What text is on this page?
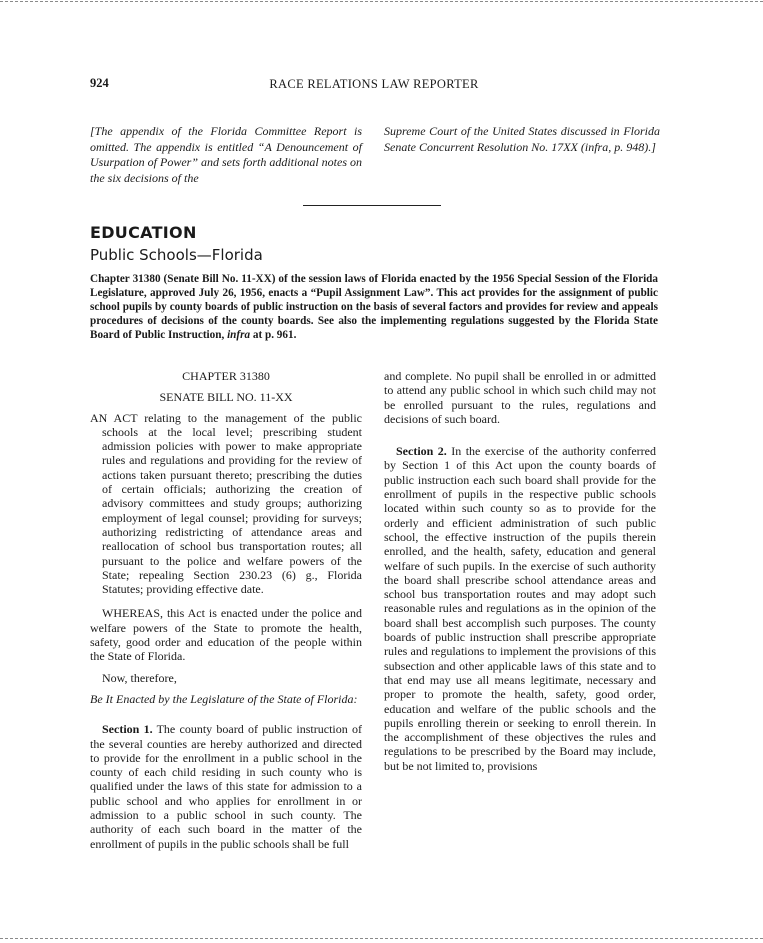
924	RACE RELATIONS LAW REPORTER
[The appendix of the Florida Committee Report is omitted. The appendix is entitled “A Denouncement of Usurpation of Power” and sets forth additional notes on the six decisions of the
Supreme Court of the United States discussed in Florida Senate Concurrent Resolution No. 17XX (infra, p. 948).]
EDUCATION
Public Schools—Florida
Chapter 31380 (Senate Bill No. 11-XX) of the session laws of Florida enacted by the 1956 Special Session of the Florida Legislature, approved July 26, 1956, enacts a “Pupil Assignment Law”. This act provides for the assignment of public school pupils by county boards of public instruction on the basis of several factors and provides for review and appeals procedures of decisions of the county boards. See also the implementing regulations suggested by the Florida State Board of Public Instruction, infra at p. 961.

CHAPTER 31380

SENATE BILL NO. 11-XX

AN ACT relating to the management of the public schools at the local level; prescribing student admission policies with power to make appropriate rules and regulations and providing for the review of actions taken pursuant thereto; prescribing the duties of certain officials; authorizing the creation of advisory committees and study groups; authorizing employment of legal counsel; providing for surveys; authorizing redistricting of attendance areas and reallocation of school bus transportation routes; all pursuant to the police and welfare powers of the State; repealing Section 230.23 (6) g., Florida Statutes; providing effective date.

WHEREAS, this Act is enacted under the police and welfare powers of the State to promote the health, safety, good order and education of the people within the State of Florida.

Now, therefore,

Be It Enacted by the Legislature of the State of Florida:

Section 1. The county board of public instruction of the several counties are hereby authorized and directed to provide for the enrollment in a public school in the county of each child residing in such county who is qualified under the laws of this state for admission to a public school and who applies for enrollment in or admission to a public school in such county. The authority of each such board in the matter of the enrollment of pupils in the public schools shall be full

and complete. No pupil shall be enrolled in or admitted to attend any public school in which such child may not be enrolled pursuant to the rules, regulations and decisions of such board.

Section 2. In the exercise of the authority conferred by Section 1 of this Act upon the county boards of public instruction each such board shall provide for the enrollment of pupils in the respective public schools located within such county so as to provide for the orderly and efficient administration of such public school, the effective instruction of the pupils therein enrolled, and the health, safety, education and general welfare of such pupils. In the exercise of such authority the board shall prescribe school attendance areas and school bus transportation routes and may adopt such reasonable rules and regulations as in the opinion of the board shall best accomplish such purposes. The county boards of public instruction shall prescribe appropriate rules and regulations to implement the provisions of this subsection and other applicable laws of this state and to that end may use all means legitimate, necessary and proper to promote the health, safety, good order, education and welfare of the public schools and the pupils enrolling therein or seeking to enroll therein. In the accomplishment of these objectives the rules and regulations to be prescribed by the Board may include, but be not limited to, provisions
